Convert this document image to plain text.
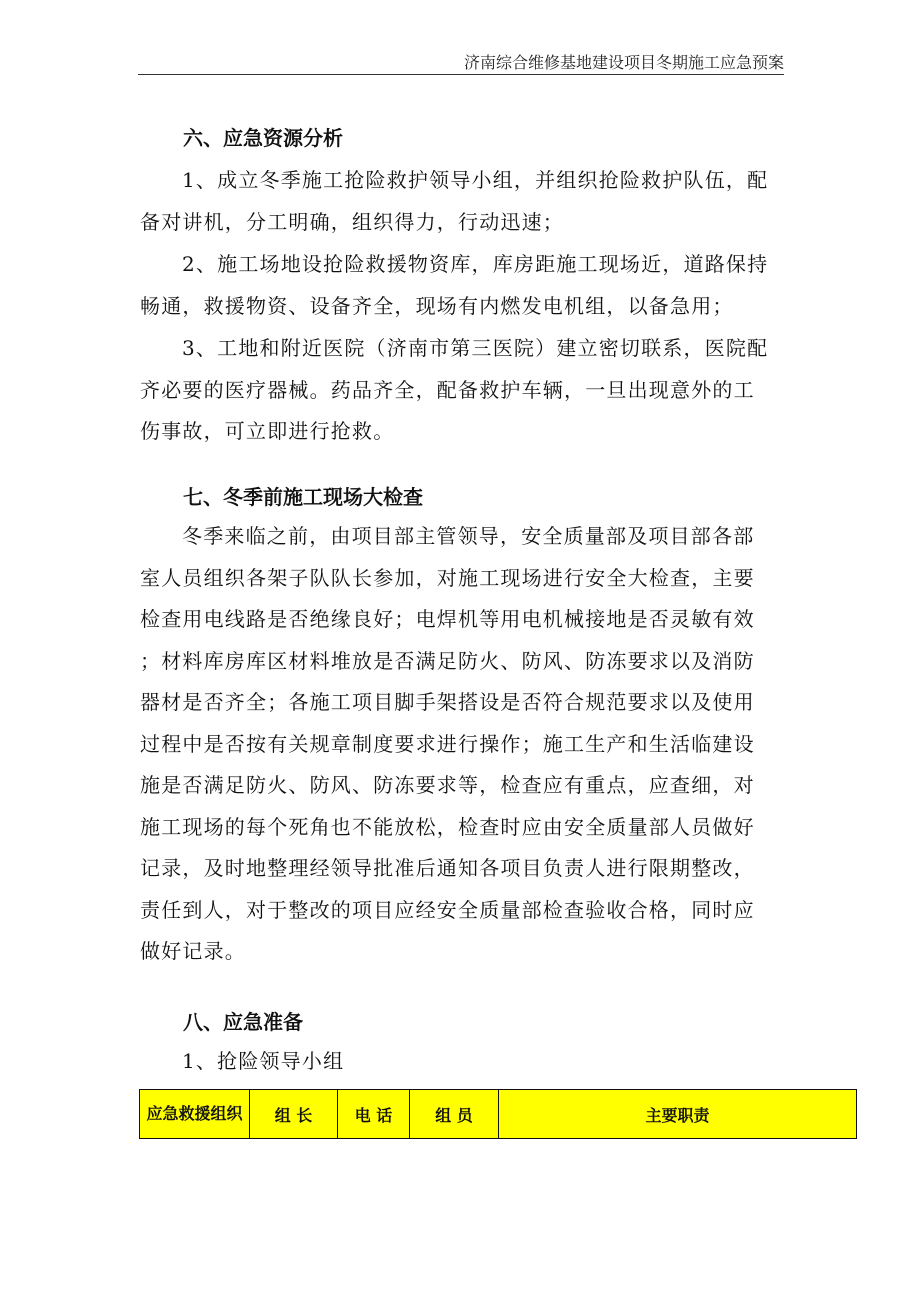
济南综合维修基地建设项目冬期施工应急预案
六、应急资源分析
1、成立冬季施工抢险救护领导小组，并组织抢险救护队伍，配
备对讲机，分工明确，组织得力，行动迅速；
2、施工场地设抢险救援物资库，库房距施工现场近，道路保持
畅通，救援物资、设备齐全，现场有内燃发电机组，以备急用；
3、工地和附近医院（济南市第三医院）建立密切联系，医院配
齐必要的医疗器械。药品齐全，配备救护车辆，一旦出现意外的工
伤事故，可立即进行抢救。
七、冬季前施工现场大检查
冬季来临之前，由项目部主管领导，安全质量部及项目部各部
室人员组织各架子队队长参加，对施工现场进行安全大检查，主要
检查用电线路是否绝缘良好；电焊机等用电机械接地是否灵敏有效
；材料库房库区材料堆放是否满足防火、防风、防冻要求以及消防
器材是否齐全；各施工项目脚手架搭设是否符合规范要求以及使用
过程中是否按有关规章制度要求进行操作；施工生产和生活临建设
施是否满足防火、防风、防冻要求等，检查应有重点，应查细，对
施工现场的每个死角也不能放松，检查时应由安全质量部人员做好
记录，及时地整理经领导批准后通知各项目负责人进行限期整改，
责任到人，对于整改的项目应经安全质量部检查验收合格，同时应
做好记录。
八、应急准备
1、抢险领导小组
应急救援组织	组 长	电 话	组 员	主要职责
